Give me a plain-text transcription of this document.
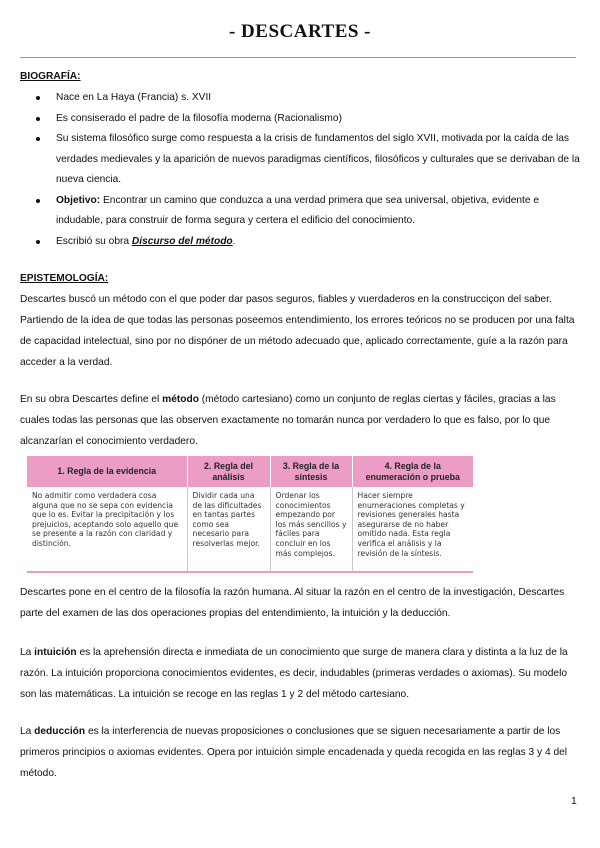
- DESCARTES -
BIOGRAFÍA:
Nace en La Haya (Francia) s. XVII
Es consiserado el padre de la filosofía moderna (Racionalismo)
Su sistema filosófico surge como respuesta a la crisis de fundamentos del siglo XVII, motivada por la caída de las verdades medievales y la aparición de nuevos paradigmas científicos, filosóficos y culturales que se derivaban de la nueva ciencia.
Objetivo: Encontrar un camino que conduzca a una verdad primera que sea universal, objetiva, evidente e indudable, para construir de forma segura y certera el edificio del conocimiento.
Escribió su obra Discurso del método.
EPISTEMOLOGÍA:

Descartes buscó un método con el que poder dar pasos seguros, fiables y vuerdaderos en la construcciçon del saber. Partiendo de la idea de que todas las personas poseemos entendimiento, los errores teóricos no se producen por una falta de capacidad intelectual, sino por no dispóner de un método adecuado que, aplicado correctamente, guíe a la razón para acceder a la verdad.

En su obra Descartes define el método (método cartesiano) como un conjunto de reglas ciertas y fáciles, gracias a las cuales todas las personas que las observen exactamente no tomarán nunca por verdadero lo que es falso, por lo que alcanzarían el conocimiento verdadero.

1. Regla de la evidencia	2. Regla del análisis	3. Regla de la síntesis	4. Regla de la enumeración o prueba
No admitir como verdadera cosa alguna que no se sepa con evidencia que lo es. Evitar la precipitación y los prejuicios, aceptando solo aquello que se presente a la razón con claridad y distinción.	Dividir cada una de las dificultades en tantas partes como sea necesario para resolverlas mejor.	Ordenar los conocimientos empezando por los más sencillos y fáciles para concluir en los más complejos.	Hacer siempre enumeraciones completas y revisiones generales hasta asegurarse de no haber omitido nada. Esta regla verifica el análisis y la revisión de la síntesis.

Descartes pone en el centro de la filosofía la razón humana. Al situar la razón en el centro de la investigación, Descartes parte del examen de las dos operaciones propias del entendimiento, la intuición y la deducción.

La intuición es la aprehensión directa e inmediata de un conocimiento que surge de manera clara y distinta a la luz de la razón. La intuición proporciona conocimientos evidentes, es decir, indudables (primeras verdades o axiomas). Su modelo son las matemáticas. La intuición se recoge en las reglas 1 y 2 del método cartesiano.

La deducción es la interferencia de nuevas proposiciones o conclusiones que se siguen necesariamente a partir de los primeros principios o axiomas evidentes. Opera por intuición simple encadenada y queda recogida en las reglas 3 y 4 del método.

1
